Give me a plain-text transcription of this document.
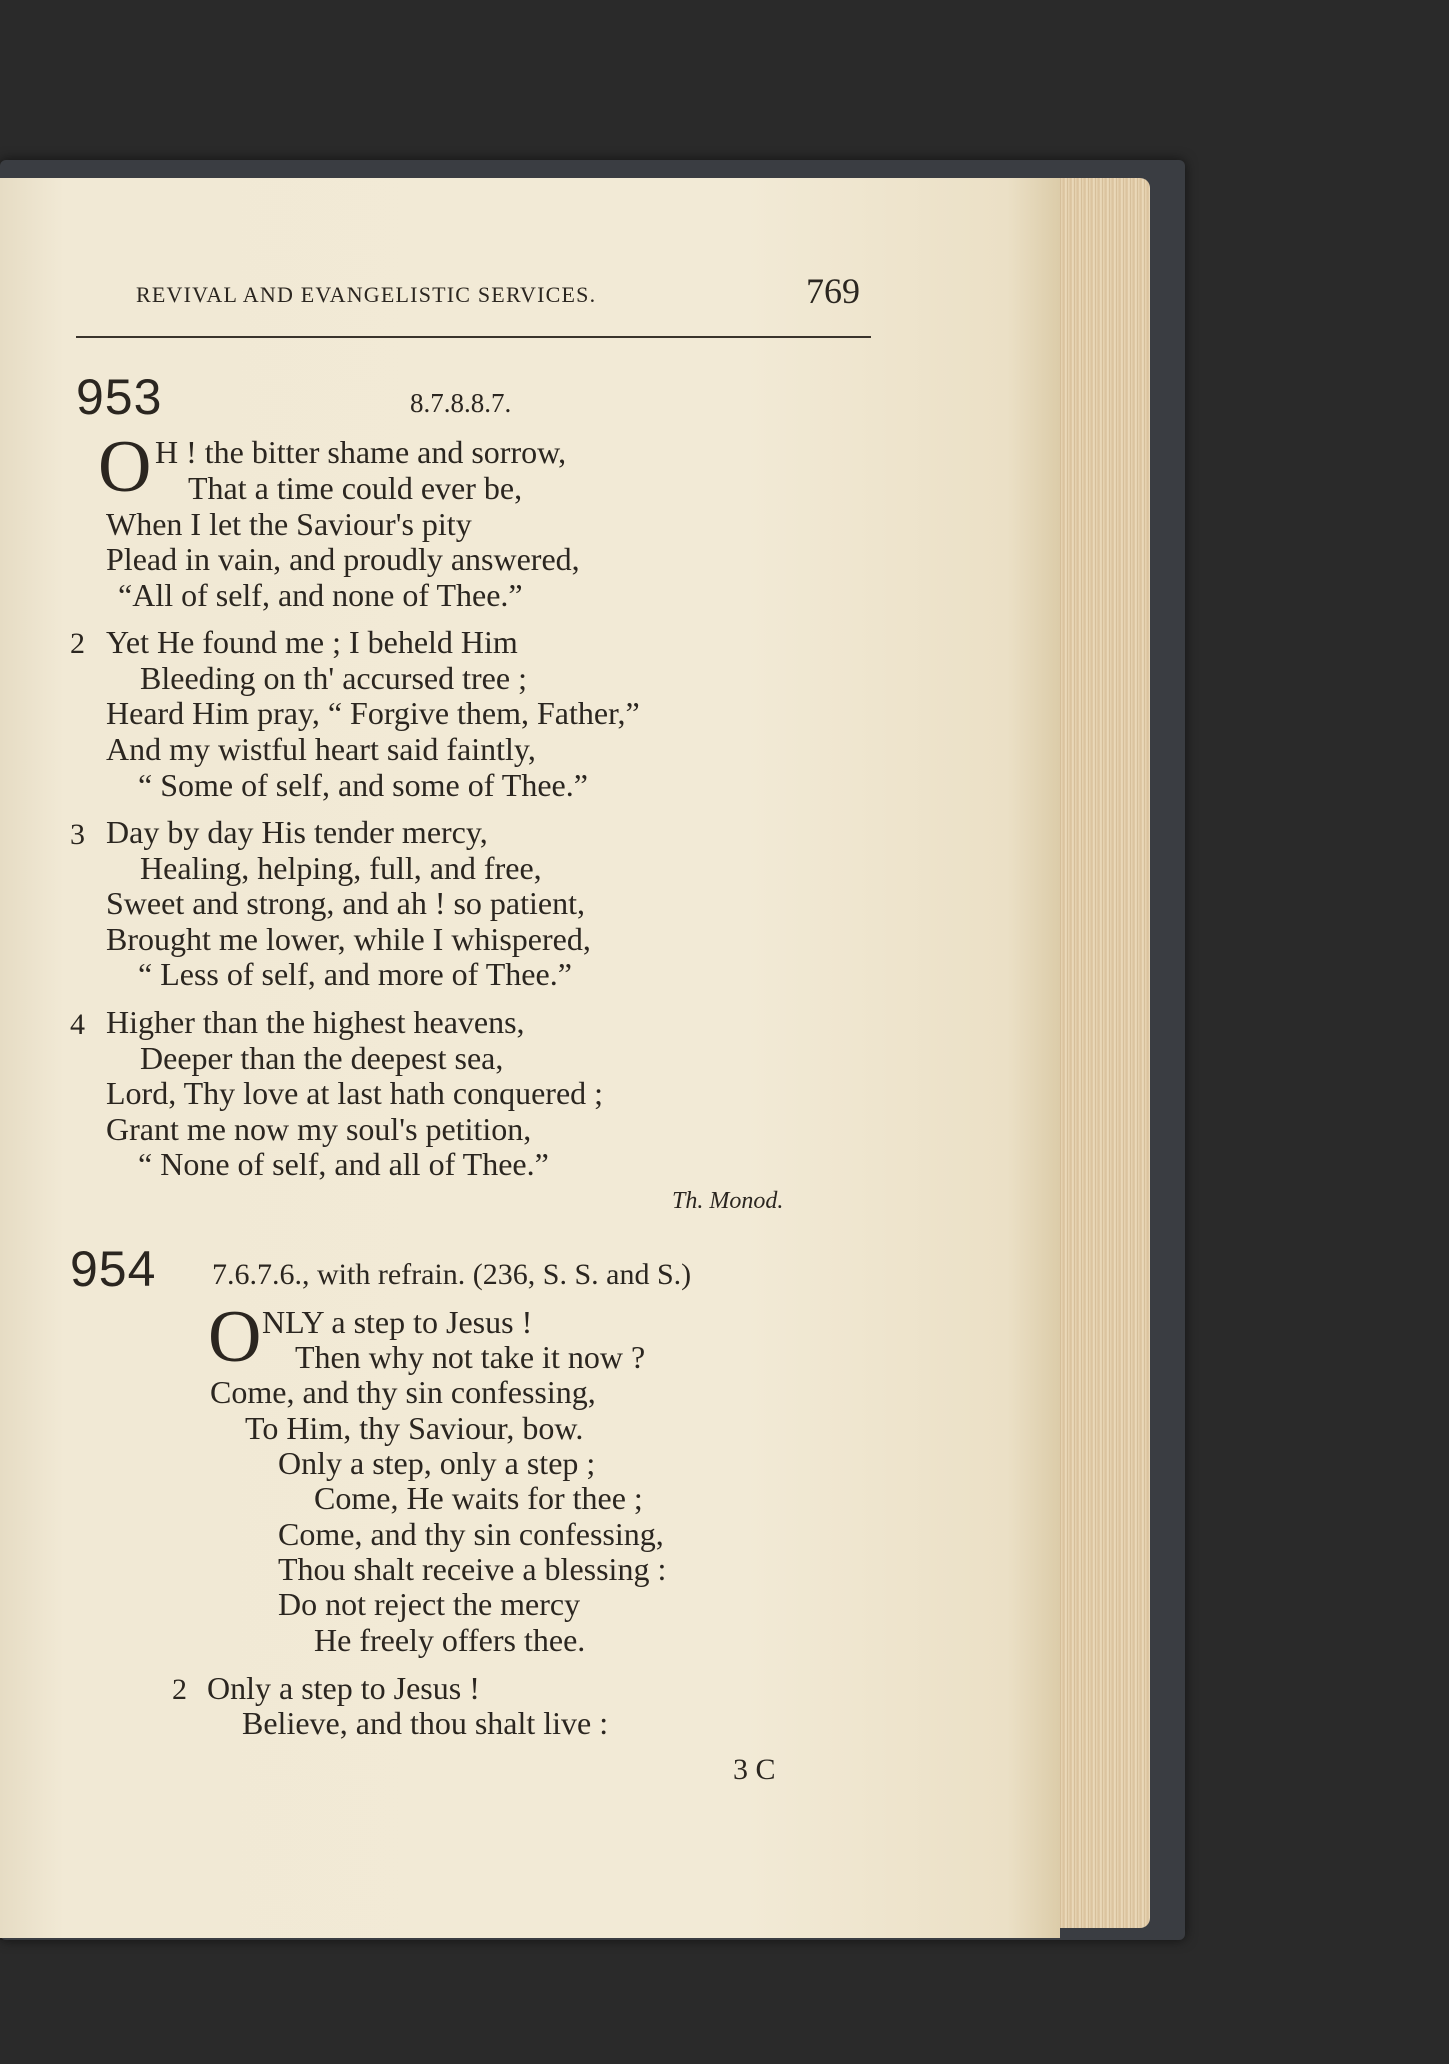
REVIVAL AND EVANGELISTIC SERVICES.	769
953	8.7.8.8.7.
O H ! the bitter shame and sorrow,
That a time could ever be,
When I let the Saviour's pity
Plead in vain, and proudly answered,
“All of self, and none of Thee.”
2 Yet He found me ; I beheld Him
Bleeding on th' accursed tree ;
Heard Him pray, “ Forgive them, Father,”
And my wistful heart said faintly,
“ Some of self, and some of Thee.”
3 Day by day His tender mercy,
Healing, helping, full, and free,
Sweet and strong, and ah ! so patient,
Brought me lower, while I whispered,
“ Less of self, and more of Thee.”
4 Higher than the highest heavens,
Deeper than the deepest sea,
Lord, Thy love at last hath conquered ;
Grant me now my soul's petition,
“ None of self, and all of Thee.”
Th. Monod.
954 7.6.7.6., with refrain. (236, S. S. and S.)
O NLY a step to Jesus !
Then why not take it now ?
Come, and thy sin confessing,
To Him, thy Saviour, bow.
Only a step, only a step ;
Come, He waits for thee ;
Come, and thy sin confessing,
Thou shalt receive a blessing :
Do not reject the mercy
He freely offers thee.
2 Only a step to Jesus !
Believe, and thou shalt live :
3 C
